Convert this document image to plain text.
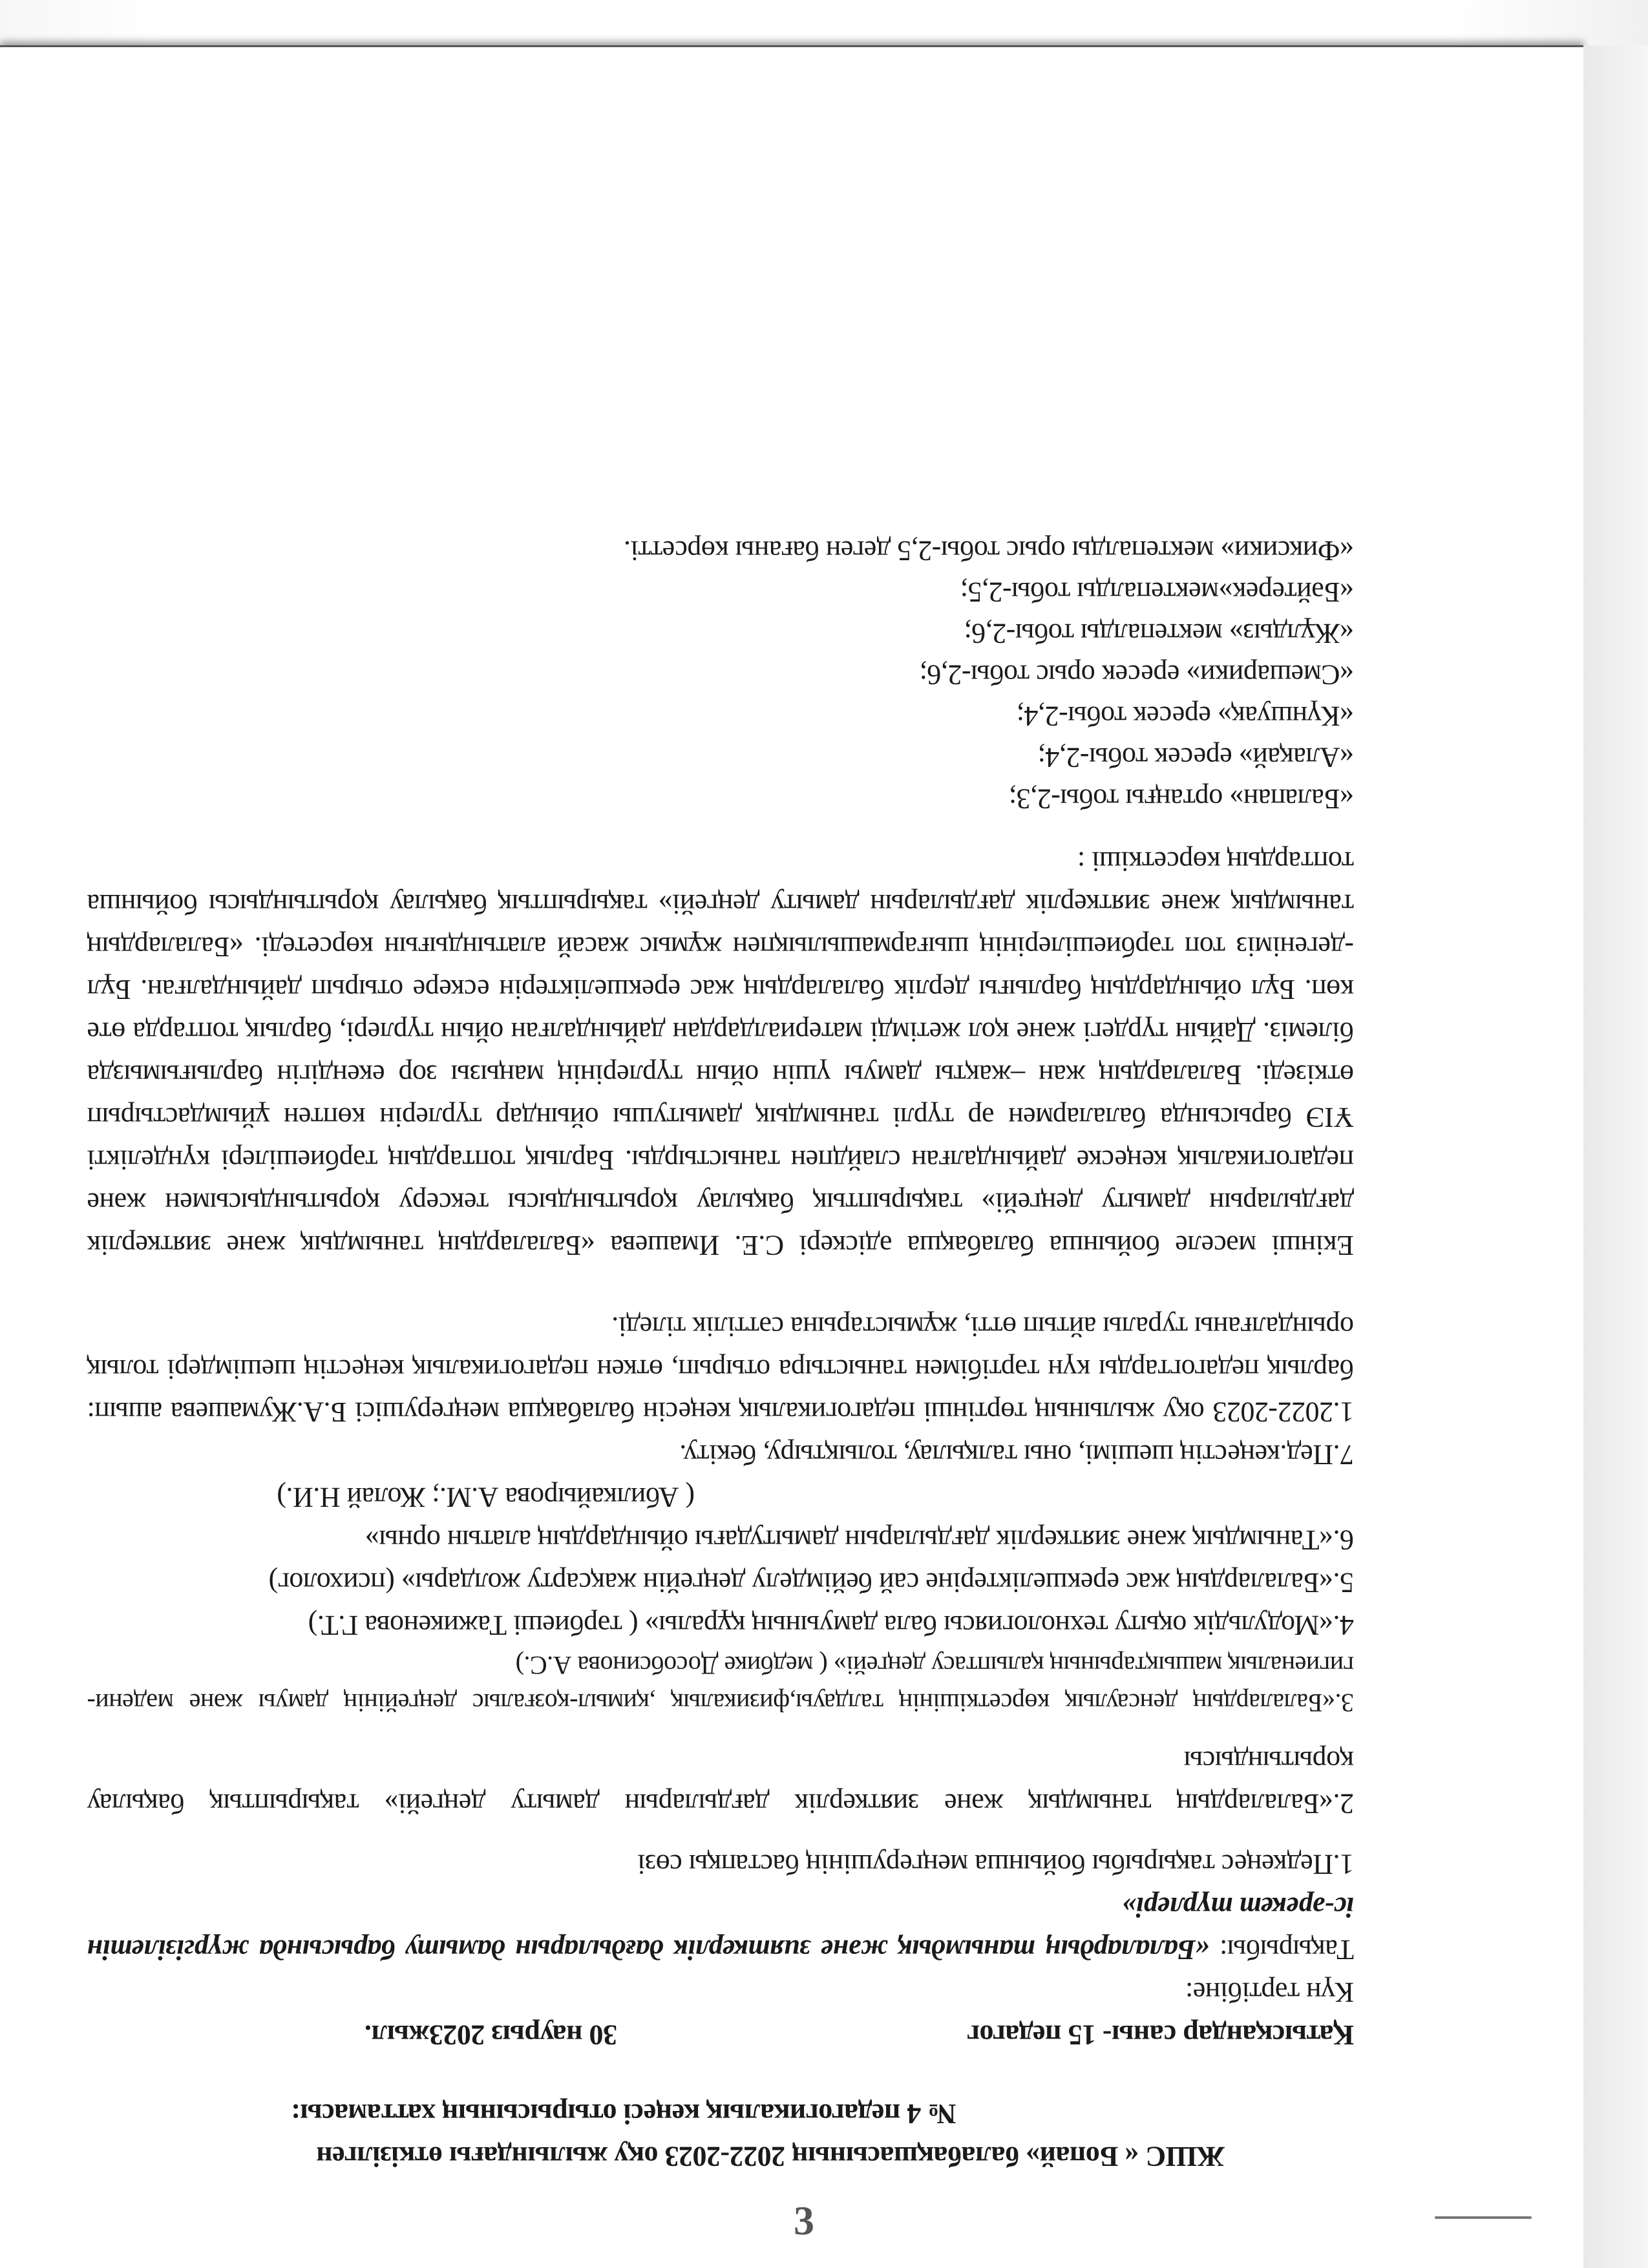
ЖШС « Бопай» балабақшасының 2022-2023 оқу жылындағы өткізілген

№ 4 педагогикалық кеңесі отырысының хаттамасы:

Қатысқандар саны- 15 педагог
30 наурыз 2023жыл.

Күн тәртібіне:

Тақырыбы: «Балалардың танымдық және зияткерлік дағдыларын дамыту барысында жүргізілетін іс-әрекет түрлері»

1.Педкеңес тақырыбы бойынша меңгерушінің бастапқы сөзі

2.«Балалардың танымдық және зияткерлік дағдыларын дамыту деңгейі» тақырыптық бақылау қорытындысы

3.«Балалардың денсаулық көрсеткішінің талдауы,физикалық ,қимыл-қозғалыс деңгейінің дамуы және мәдени-гигиеналық машықтарының қалыптасу деңгейі» ( медбике Дособсинова А.С.)

4.«Модульдік оқыту технологиясы бала дамуының құралы» ( тәрбиеші Тажикенова Г.Т.)

5.«Балалардың жас ерекшеліктеріне сай бейімделу деңгейін жақсарту жолдары» (психолог)

6.«Танымдық және зияткерлік дағдыларын дамытудағы ойындардың алатын орны»
( Абилкайырова А.М.; Жолай Н.И.)

7.Пед.кеңестің шешімі, оны талқылау, толықтыру, бекіту.

1.2022-2023 оқу жылының төртінші педагогикалық кеңесін балабақша меңгерушісі Б.А.Жумашева ашып: барлық педагогтарды күн тәртібімен таныстыра отырып, өткен педагогикалық кеңестің шешімдері толық орындалғаны туралы айтып өтті, жұмыстарына сәттілік тіледі.

Екінші мәселе бойынша балабақша әдіскері С.Е. Имашева «Балалардың танымдық және зияткерлік дағдыларын дамыту деңгейі» тақырыптық бақылау қорытындысы тексеру қорытындысымен және педагогикалық кеңеске дайындалған слайдпен таныстырды. Барлық топтардың тәрбиешілері күнделікті ҰІЭ барысында балалармен әр түрлі танымдық дамытушы ойындар түрлерін көптен ұйымдастырып өткізеді. Балалардың жан –жақты дамуы үшін ойын түрлерінің маңызы зор екендігін барлығымызда білеміз. Дайын түрдегі және қол жетімді материалдардан дайындалған ойын түрлері, барлық топтарда өте көп. Бұл ойындардың барлығы дерлік балалардың жас ерекшеліктерін ескере отырып дайындалған. Бұл -дегеніміз топ тәрбиешілерінің шығармашылықпен жұмыс жасай алатындығын көрсетеді. «Балалардың танымдық және зияткерлік дағдыларын дамыту деңгейі» тақырыптық бақылау қорытындысы бойынша топтардың көрсеткіші :

«Балапан» ортаңғы тобы-2,3;

«Алақай» ересек тобы-2,4;

«Күншуақ» ересек тобы-2,4;

«Смешарики» ересек орыс тобы-2,6;

«Жұлдыз» мектепалды тобы-2,6;

«Бәйтерек»мектепалды тобы-2,5;

«Фиксики» мектепалды орыс тобы-2,5 деген бағаны көрсетті.

3
